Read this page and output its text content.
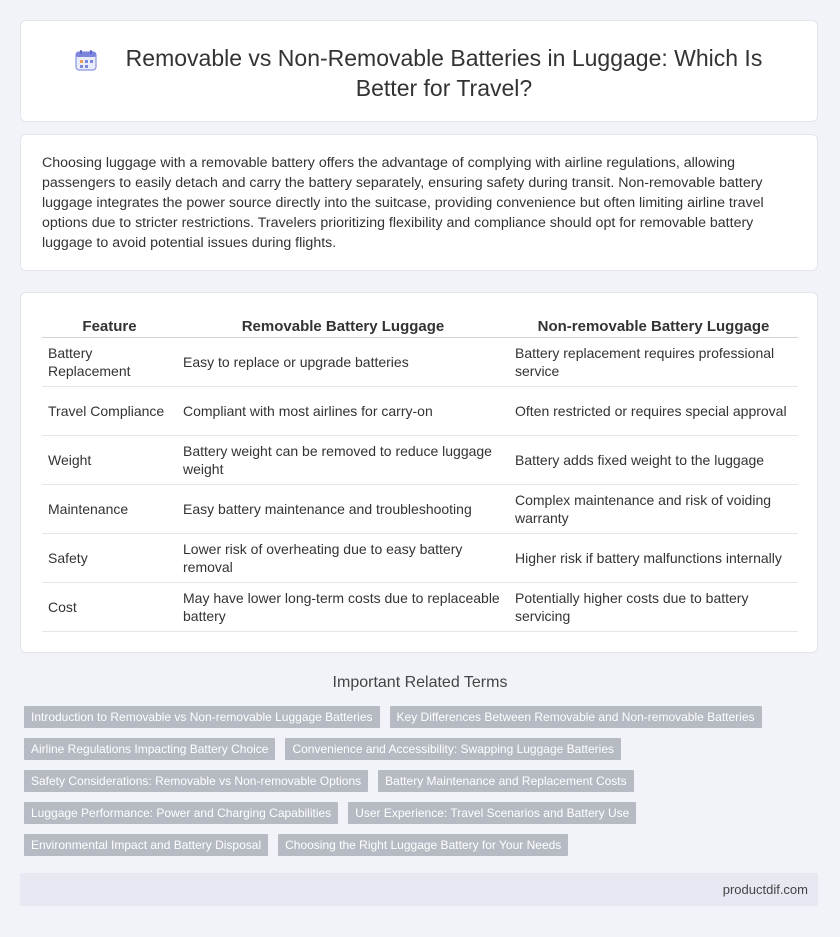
Removable vs Non-Removable Batteries in Luggage: Which Is Better for Travel?

Choosing luggage with a removable battery offers the advantage of complying with airline regulations, allowing passengers to easily detach and carry the battery separately, ensuring safety during transit. Non-removable battery luggage integrates the power source directly into the suitcase, providing convenience but often limiting airline travel options due to stricter restrictions. Travelers prioritizing flexibility and compliance should opt for removable battery luggage to avoid potential issues during flights.

Feature	Removable Battery Luggage	Non-removable Battery Luggage
Battery Replacement	Easy to replace or upgrade batteries	Battery replacement requires professional service
Travel Compliance	Compliant with most airlines for carry-on	Often restricted or requires special approval
Weight	Battery weight can be removed to reduce luggage weight	Battery adds fixed weight to the luggage
Maintenance	Easy battery maintenance and troubleshooting	Complex maintenance and risk of voiding warranty
Safety	Lower risk of overheating due to easy battery removal	Higher risk if battery malfunctions internally
Cost	May have lower long-term costs due to replaceable battery	Potentially higher costs due to battery servicing
Important Related Terms
Introduction to Removable vs Non-removable Luggage Batteries	Key Differences Between Removable and Non-removable Batteries
Airline Regulations Impacting Battery Choice	Convenience and Accessibility: Swapping Luggage Batteries
Safety Considerations: Removable vs Non-removable Options	Battery Maintenance and Replacement Costs
Luggage Performance: Power and Charging Capabilities	User Experience: Travel Scenarios and Battery Use
Environmental Impact and Battery Disposal	Choosing the Right Luggage Battery for Your Needs
productdif.com
